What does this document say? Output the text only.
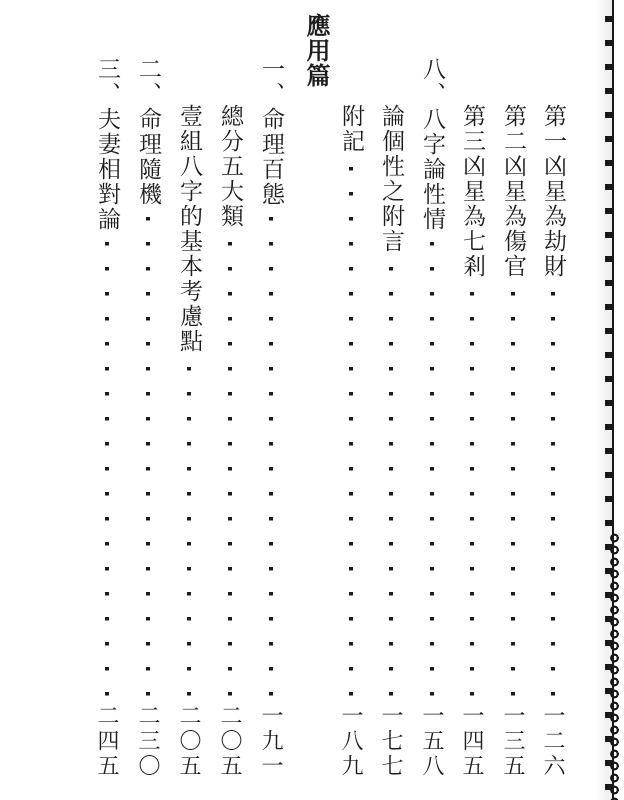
第一凶星為劫財
一二六
第二凶星為傷官
一三五
第三凶星為七剎
一四五
八、八字論性情
一五八
論個性之附言
一七七
附記
一八九
應用篇
一、命理百態
一九一
總分五大類
二〇五
壹組八字的基本考慮點
二〇五
二、命理隨機
二三〇
三、夫妻相對論
二四五
